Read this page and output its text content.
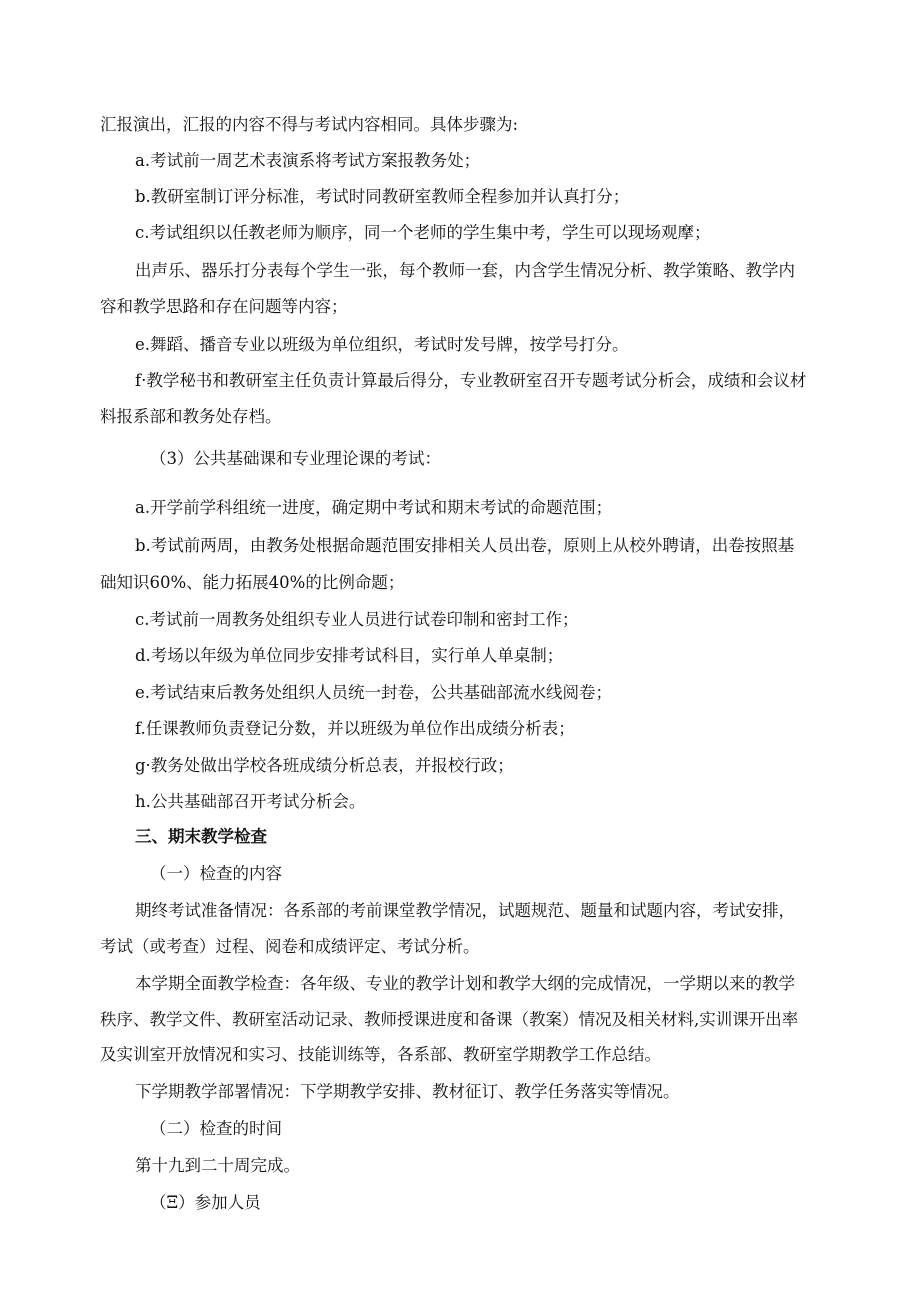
汇报演出，汇报的内容不得与考试内容相同。具体步骤为:
a.考试前一周艺术表演系将考试方案报教务处；
b.教研室制订评分标准，考试时同教研室教师全程参加并认真打分；
c.考试组织以任教老师为顺序，同一个老师的学生集中考，学生可以现场观摩；
出声乐、器乐打分表每个学生一张，每个教师一套，内含学生情况分析、教学策略、教学内
容和教学思路和存在问题等内容；
e.舞蹈、播音专业以班级为单位组织，考试时发号牌，按学号打分。
f·教学秘书和教研室主任负责计算最后得分，专业教研室召开专题考试分析会，成绩和会议材
料报系部和教务处存档。
（3）公共基础课和专业理论课的考试：
a.开学前学科组统一进度，确定期中考试和期末考试的命题范围；
b.考试前两周，由教务处根据命题范围安排相关人员出卷，原则上从校外聘请，出卷按照基
础知识60%、能力拓展40%的比例命题；
c.考试前一周教务处组织专业人员进行试卷印制和密封工作；
d.考场以年级为单位同步安排考试科目，实行单人单桌制；
e.考试结束后教务处组织人员统一封卷，公共基础部流水线阅卷；
f.任课教师负责登记分数，并以班级为单位作出成绩分析表；
g·教务处做出学校各班成绩分析总表，并报校行政；
h.公共基础部召开考试分析会。
三、期末教学检查
（一）检查的内容
期终考试准备情况：各系部的考前课堂教学情况，试题规范、题量和试题内容，考试安排，
考试（或考查）过程、阅卷和成绩评定、考试分析。
本学期全面教学检查：各年级、专业的教学计划和教学大纲的完成情况，一学期以来的教学
秩序、教学文件、教研室活动记录、教师授课进度和备课（教案）情况及相关材料,实训课开出率
及实训室开放情况和实习、技能训练等，各系部、教研室学期教学工作总结。
下学期教学部署情况：下学期教学安排、教材征订、教学任务落实等情况。
（二）检查的时间
第十九到二十周完成。
（Ξ）参加人员
